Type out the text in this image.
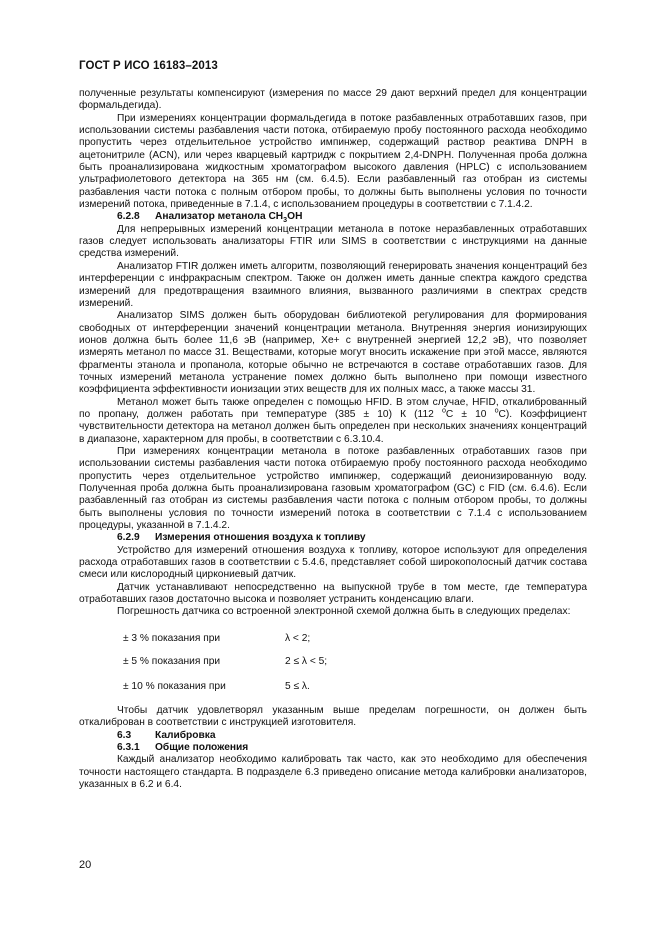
ГОСТ Р ИСО 16183–2013

полученные результаты компенсируют (измерения по массе 29 дают верхний предел для концентрации формальдегида).

При измерениях концентрации формальдегида в потоке разбавленных отработавших газов, при использовании системы разбавления части потока, отбираемую пробу постоянного расхода необходимо пропустить через отдельительное устройство импинжер, содержащий раствор реактива DNPH в ацетонитриле (ACN), или через кварцевый картридж с покрытием 2,4-DNPH. Полученная проба должна быть проанализирована жидкостным хроматографом высокого давления (HPLC) с использованием ультрафиолетового детектора на 365 нм (см. 6.4.5). Если разбавленный газ отобран из системы разбавления части потока с полным отбором пробы, то должны быть выполнены условия по точности измерений потока, приведенные в 7.1.4, с использованием процедуры в соответствии с 7.1.4.2.

6.2.8 Анализатор метанола $CH_3OH$

Для непрерывных измерений концентрации метанола в потоке неразбавленных отработавших газов следует использовать анализаторы FTIR или SIMS в соответствии с инструкциями на данные средства измерений.

Анализатор FTIR должен иметь алгоритм, позволяющий генерировать значения концентраций без интерференции с инфракрасным спектром. Также он должен иметь данные спектра каждого средства измерений для предотвращения взаимного влияния, вызванного различиями в спектрах средств измерений.

Анализатор SIMS должен быть оборудован библиотекой регулирования для формирования свободных от интерференции значений концентрации метанола. Внутренняя энергия ионизирующих ионов должна быть более 11,6 эВ (например, Xe+ с внутренней энергией 12,2 эВ), что позволяет измерять метанол по массе 31. Веществами, которые могут вносить искажение при этой массе, являются фрагменты этанола и пропанола, которые обычно не встречаются в составе отработавших газов. Для точных измерений метанола устранение помех должно быть выполнено при помощи известного коэффициента эффективности ионизации этих веществ для их полных масс, а также массы 31.

Метанол может быть также определен с помощью HFID. В этом случае, HFID, откалиброванный по пропану, должен работать при температуре (385 ± 10) К (112 $^o$C ± 10 $^o$C). Коэффициент чувствительности детектора на метанол должен быть определен при нескольких значениях концентраций в диапазоне, характерном для пробы, в соответствии с 6.3.10.4.

При измерениях концентрации метанола в потоке разбавленных отработавших газов при использовании системы разбавления части потока отбираемую пробу постоянного расхода необходимо пропустить через отдельительное устройство импинжер, содержащий деионизированную воду. Полученная проба должна быть проанализирована газовым хроматографом (GC) с FID (см. 6.4.6). Если разбавленный газ отобран из системы разбавления части потока с полным отбором пробы, то должны быть выполнены условия по точности измерений потока в соответствии с 7.1.4 с использованием процедуры, указанной в 7.1.4.2.

6.2.9 Измерения отношения воздуха к топливу

Устройство для измерений отношения воздуха к топливу, которое используют для определения расхода отработавших газов в соответствии с 5.4.6, представляет собой широкополосный датчик состава смеси или кислородный циркониевый датчик.

Датчик устанавливают непосредственно на выпускной трубе в том месте, где температура отработавших газов достаточно высока и позволяет устранить конденсацию влаги.

Погрешность датчика со встроенной электронной схемой должна быть в следующих пределах:

± 3 % показания при	λ < 2;
± 5 % показания при	2 ≤ λ < 5;
± 10 % показания при	5 ≤ λ.

Чтобы датчик удовлетворял указанным выше пределам погрешности, он должен быть откалиброван в соответствии с инструкцией изготовителя.

6.3 Калибровка

6.3.1 Общие положения

Каждый анализатор необходимо калибровать так часто, как это необходимо для обеспечения точности настоящего стандарта. В подразделе 6.3 приведено описание метода калибровки анализаторов, указанных в 6.2 и 6.4.

20
